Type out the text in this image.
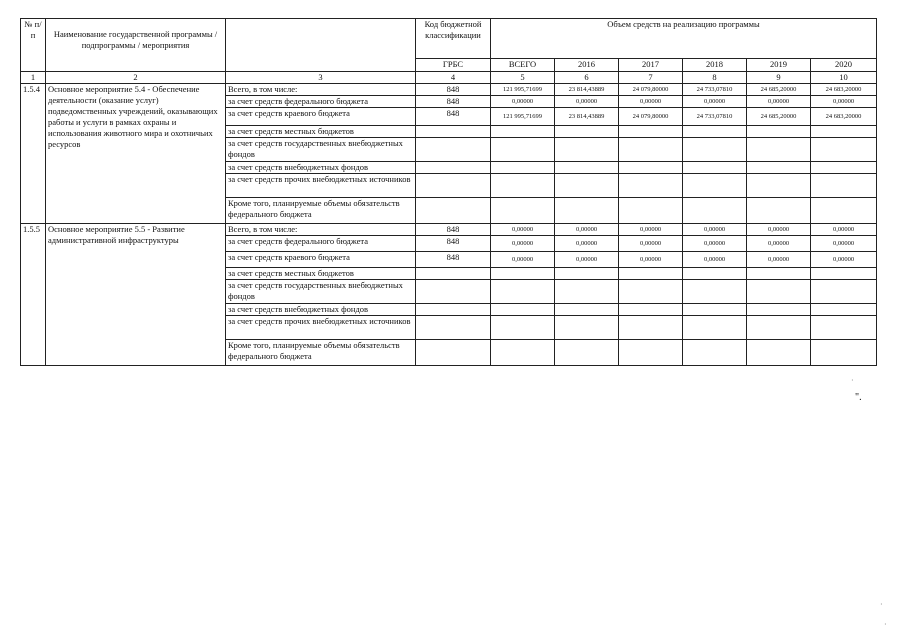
№ п/п	Наименование государственной программы / подпрограммы / мероприятия		Код бюджетной классификации	Объем средств на реализацию программы					
			ГРБС	ВСЕГО	2016	2017	2018	2019	2020
1	2	3	4	5	6	7	8	9	10
1.5.4	Основное мероприятие 5.4 - Обеспечение деятельности (оказание услуг) подведомственных учреждений, оказывающих работы и услуги в рамках охраны и использования животного мира и охотничьих ресурсов	Всего, в том числе:	848	121 995,71699	23 814,43889	24 079,80000	24 733,07810	24 685,20000	24 683,20000
		за счет средств федерального бюджета	848	0,00000	0,00000	0,00000	0,00000	0,00000	0,00000
		за счет средств краевого бюджета	848	121 995,71699	23 814,43889	24 079,80000	24 733,07810	24 685,20000	24 683,20000
		за счет средств местных бюджетов							
		за счет средств государственных внебюджетных фондов							
		за счет средств внебюджетных фондов							
		за счет средств прочих внебюджетных источников							
		Кроме того, планируемые объемы обязательств федерального бюджета							
1.5.5	Основное мероприятие 5.5 - Развитие административной инфраструктуры	Всего, в том числе:	848	0,00000	0,00000	0,00000	0,00000	0,00000	0,00000
		за счет средств федерального бюджета	848	0,00000	0,00000	0,00000	0,00000	0,00000	0,00000
		за счет средств краевого бюджета	848	0,00000	0,00000	0,00000	0,00000	0,00000	0,00000
		за счет средств местных бюджетов							
		за счет средств государственных внебюджетных фондов							
		за счет средств внебюджетных фондов							
		за счет средств прочих внебюджетных источников							
		Кроме того, планируемые объемы обязательств федерального бюджета							
".
·
·
·
